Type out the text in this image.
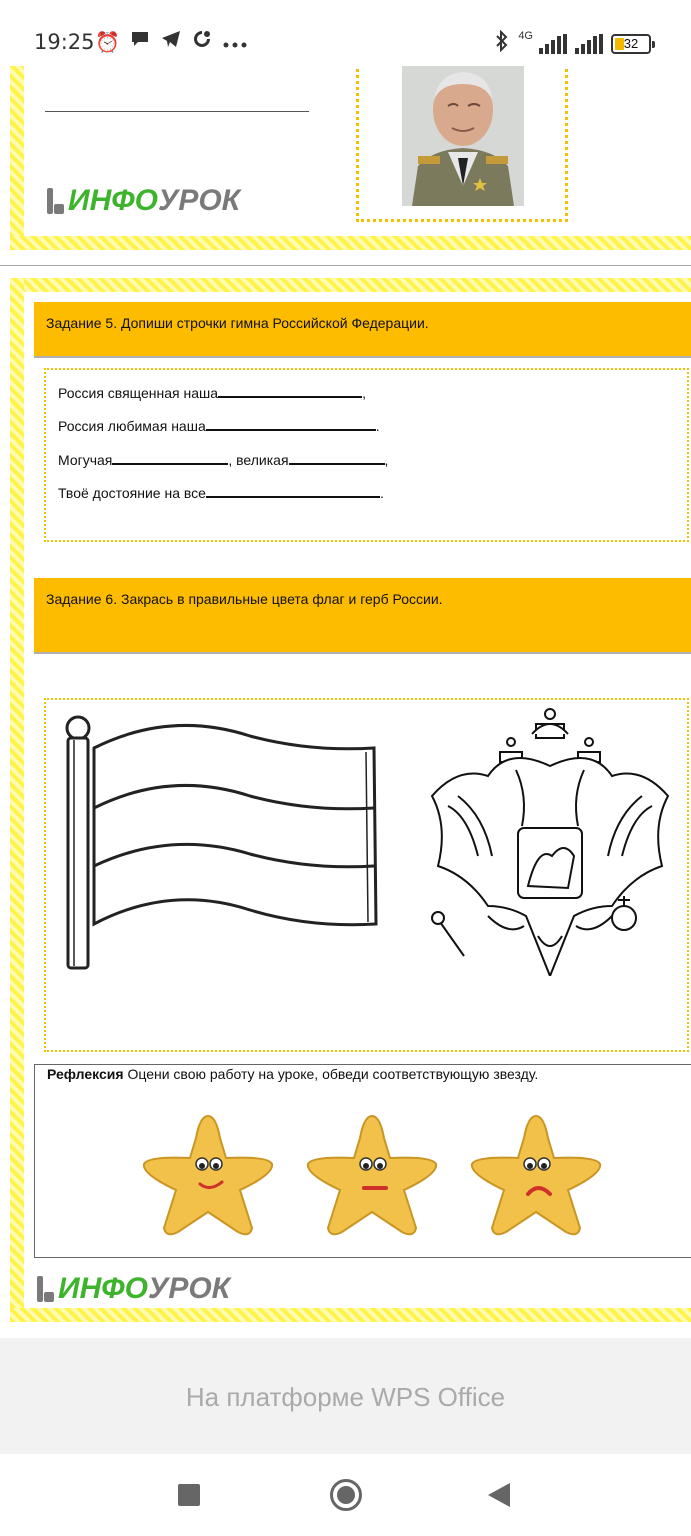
19:25 ⏰	4G	32
ИНФО УРОК
Задание 5. Допиши строчки гимна Российской Федерации.
Россия священная наша	,
Россия любимая наша	.
Могучая	, великая	,
Твоё достояние на все	.
Задание 6. Закрась в правильные цвета флаг и герб России.
Рефлексия Оцени свою работу на уроке, обведи соответствующую звезду.
ИНФО УРОК
На платформе WPS Office
